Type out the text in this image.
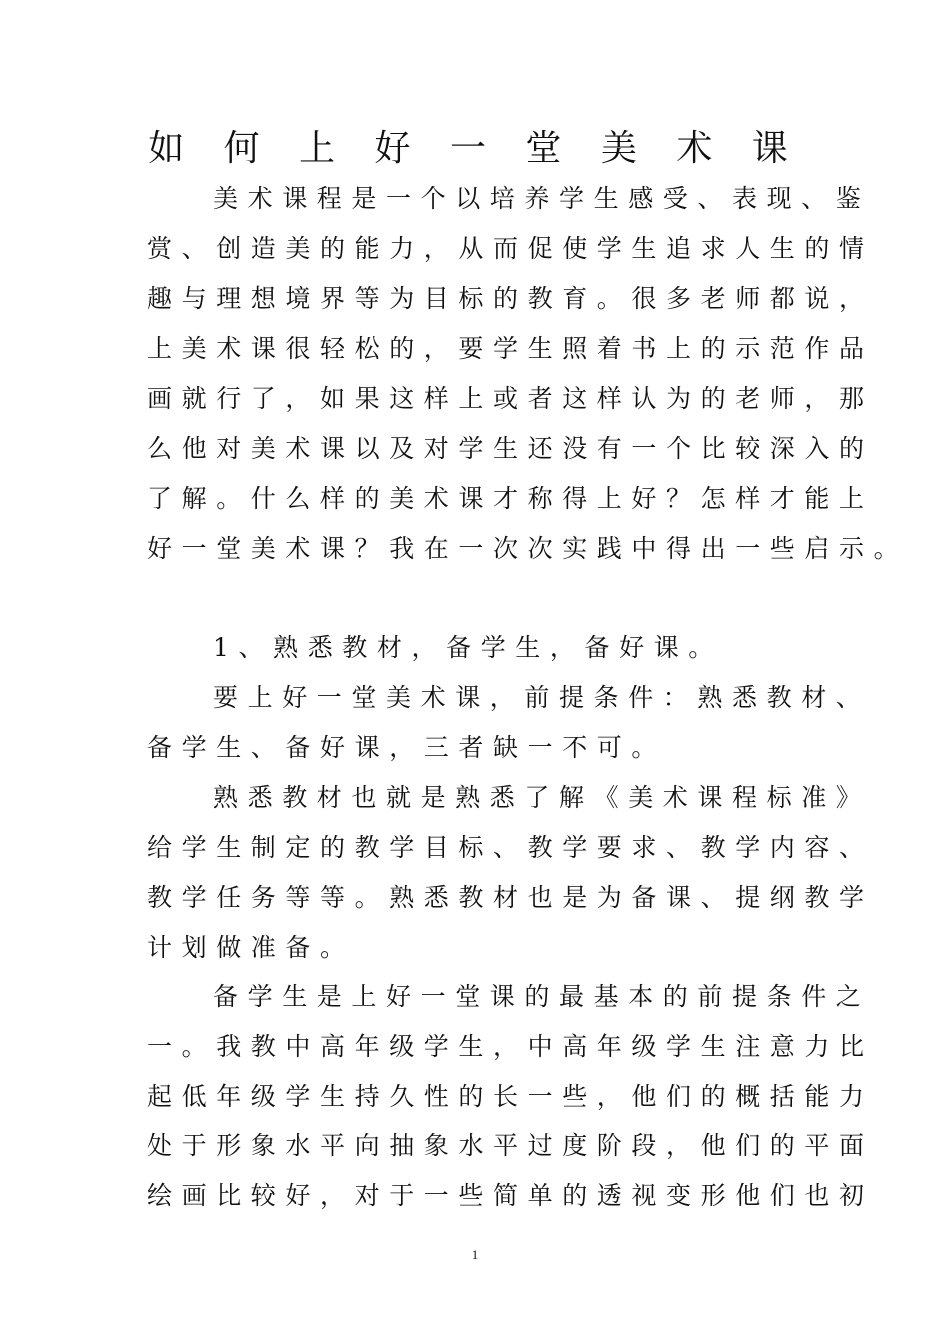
如 何 上 好 一 堂 美 术 课
美术课程是一个以培养学生感受、表现、鉴
赏、创造美的能力，从而促使学生追求人生的情
趣与理想境界等为目标的教育。很多老师都说，
上美术课很轻松的，要学生照着书上的示范作品
画就行了，如果这样上或者这样认为的老师，那
么他对美术课以及对学生还没有一个比较深入的
了解。什么样的美术课才称得上好？怎样才能上
好一堂美术课？我在一次次实践中得出一些启示。
1、熟悉教材，备学生，备好课。
要上好一堂美术课，前提条件：熟悉教材、
备学生、备好课，三者缺一不可。
熟悉教材也就是熟悉了解《美术课程标准》
给学生制定的教学目标、教学要求、教学内容、
教学任务等等。熟悉教材也是为备课、提纲教学
计划做准备。
备学生是上好一堂课的最基本的前提条件之
一。我教中高年级学生，中高年级学生注意力比
起低年级学生持久性的长一些，他们的概括能力
处于形象水平向抽象水平过度阶段，他们的平面
绘画比较好，对于一些简单的透视变形他们也初
1
